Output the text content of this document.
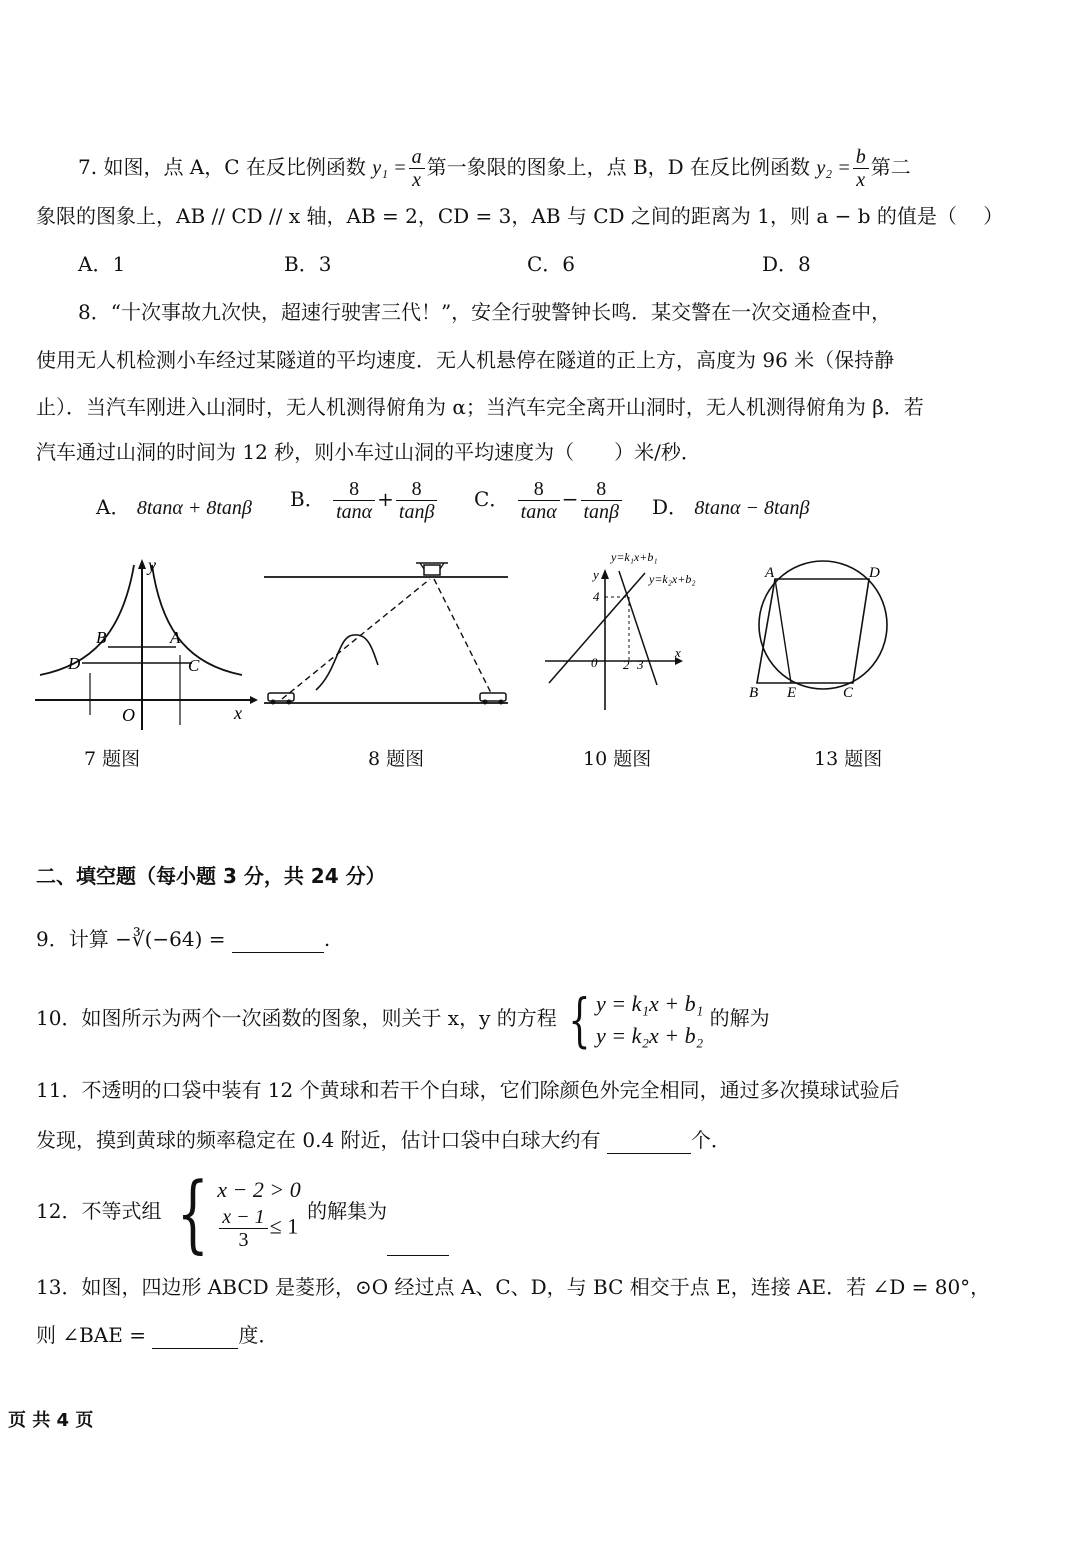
7. 如图，点 A，C 在反比例函数 $y_1 = \frac{a}{x}$ 第一象限的图象上，点 B，D 在反比例函数 $y_2 = \frac{b}{x}$ 第二
象限的图象上，AB // CD // x 轴，AB = 2，CD = 3，AB 与 CD 之间的距离为 1，则 a − b 的值是（　 ）
A．1	B．3	C．6	D．8
8．“十次事故九次快，超速行驶害三代！”，安全行驶警钟长鸣．某交警在一次交通检查中，
使用无人机检测小车经过某隧道的平均速度．无人机悬停在隧道的正上方，高度为 96 米（保持静
止）．当汽车刚进入山洞时，无人机测得俯角为 α；当汽车完全离开山洞时，无人机测得俯角为 β．若
汽车通过山洞的时间为 12 秒，则小车过山洞的平均速度为（　　）米/秒．
A． 8tanα + 8tanβ B． $\frac{8}{\tan\alpha} + \frac{8}{\tan\beta}$ C． $\frac{8}{\tan\alpha} - \frac{8}{\tan\beta}$ D． 8tanα − 8tanβ
y
x
O
B	A
D	C
7 题图	8 题图
y=k₁x+b₁
y=k₂x+b₂
y
x
0
4
2 3
10 题图
A	D
B E	C
13 题图
二、填空题（每小题 3 分，共 24 分）
9．计算 −∛(−64) =	.
10．如图所示为两个一次函数的图象，则关于 x，y 的方程 { y = k₁x + b₁
y = k₂x + b₂
的解为
11．不透明的口袋中装有 12 个黄球和若干个白球，它们除颜色外完全相同，通过多次摸球试验后
发现，摸到黄球的频率稳定在 0.4 附近，估计口袋中白球大约有	个．
12．不等式组 { x − 2 > 0
$\frac{x - 1}{3} \le 1$
的解集为
13．如图，四边形 ABCD 是菱形，⊙O 经过点 A、C、D，与 BC 相交于点 E，连接 AE．若 ∠D = 80°，
则 ∠BAE =	度．
页 共 4 页
